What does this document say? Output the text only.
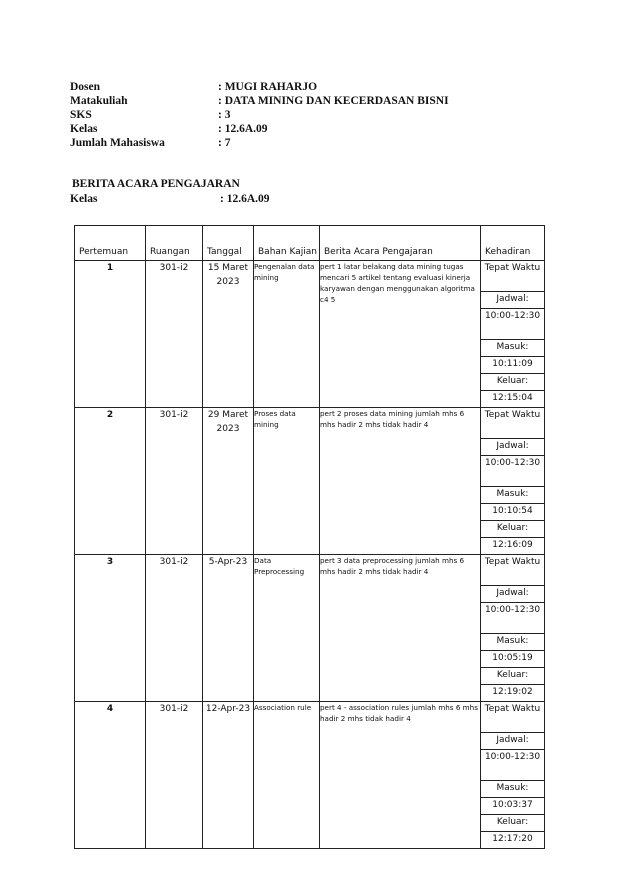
Dosen	: MUGI RAHARJO
Matakuliah	: DATA MINING DAN KECERDASAN BISNI
SKS	: 3
Kelas	: 12.6A.09
Jumlah Mahasiswa	: 7
BERITA ACARA PENGAJARAN
Kelas	: 12.6A.09
Pertemuan	Ruangan	Tanggal	Bahan Kajian	Berita Acara Pengajaran	Kehadiran
1	301-i2	15 Maret 2023	Pengenalan data mining	pert 1 latar belakang data mining tugas mencari 5 artikel tentang evaluasi kinerja karyawan dengan menggunakan algoritma c4 5	Tepat Waktu
					Jadwal:
					10:00-12:30
					Masuk:
					10:11:09
					Keluar:
					12:15:04
2	301-i2	29 Maret 2023	Proses data mining	pert 2 proses data mining jumlah mhs 6 mhs hadir 2 mhs tidak hadir 4	Tepat Waktu
					Jadwal:
					10:00-12:30
					Masuk:
					10:10:54
					Keluar:
					12:16:09
3	301-i2	5-Apr-23	Data Preprocessing	pert 3 data preprocessing jumlah mhs 6 mhs hadir 2 mhs tidak hadir 4	Tepat Waktu
					Jadwal:
					10:00-12:30
					Masuk:
					10:05:19
					Keluar:
					12:19:02
4	301-i2	12-Apr-23	Association rule	pert 4 - association rules jumlah mhs 6 mhs hadir 2 mhs tidak hadir 4	Tepat Waktu
					Jadwal:
					10:00-12:30
					Masuk:
					10:03:37
					Keluar:
					12:17:20
